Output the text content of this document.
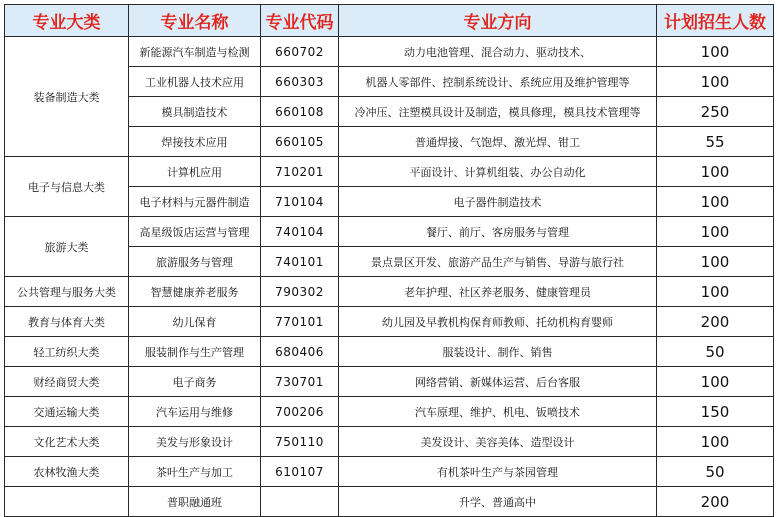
专业大类	专业名称	专业代码	专业方向	计划招生人数
装备制造大类	新能源汽车制造与检测	660702	动力电池管理、混合动力、驱动技术、	100
	工业机器人技术应用	660303	机器人零部件、控制系统设计、系统应用及维护管理等	100
	模具制造技术	660108	冷冲压、注塑模具设计及制造，模具修理，模具技术管理等	250
	焊接技术应用	660105	普通焊接、气饱焊、激光焊、钳工	55
电子与信息大类	计算机应用	710201	平面设计、计算机组装、办公自动化	100
	电子材料与元器件制造	710104	电子器件制造技术	100
旅游大类	高星级饭店运营与管理	740104	餐厅、前厅、客房服务与管理	100
	旅游服务与管理	740101	景点景区开发、旅游产品生产与销售、导游与旅行社	100
公共管理与服务大类	智慧健康养老服务	790302	老年护理、社区养老服务、健康管理员	100
教育与体育大类	幼儿保育	770101	幼儿园及早教机构保育师教师、托幼机构育婴师	200
轻工纺织大类	服装制作与生产管理	680406	服装设计、制作、销售	50
财经商贸大类	电子商务	730701	网络营销、新媒体运营、后台客服	100
交通运输大类	汽车运用与维修	700206	汽车原理、维护、机电、钣喷技术	150
文化艺术大类	美发与形象设计	750110	美发设计、美容美体、造型设计	100
农林牧渔大类	茶叶生产与加工	610107	有机茶叶生产与茶园管理	50
	普职融通班		升学、普通高中	200
